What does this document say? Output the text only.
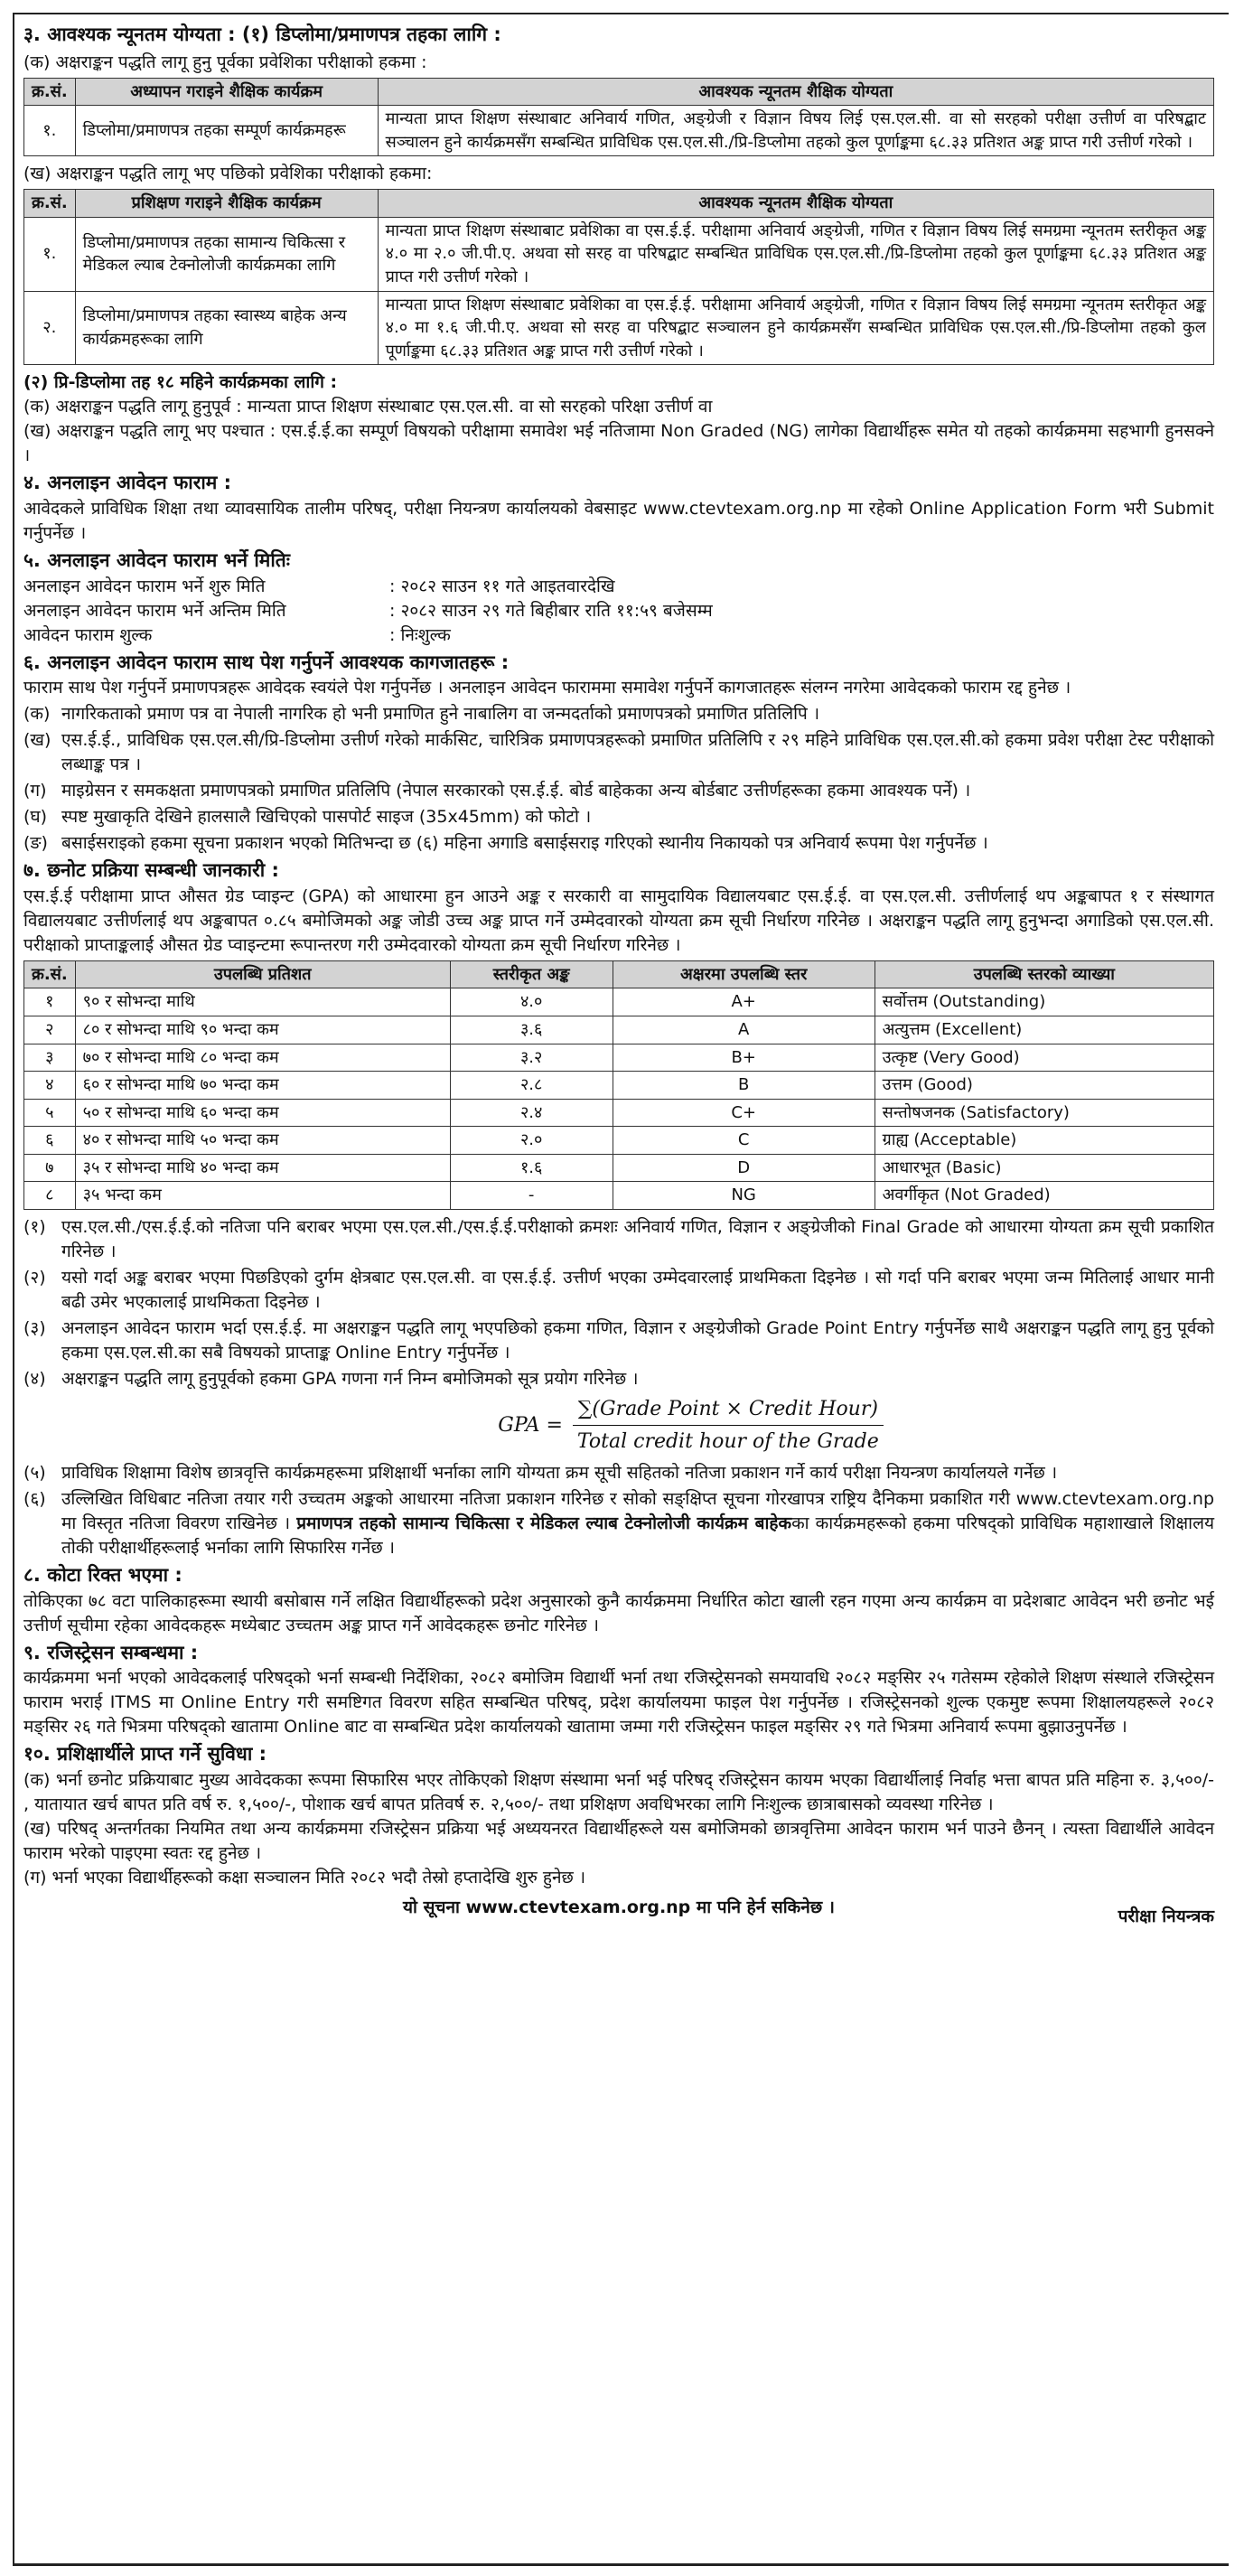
३. आवश्यक न्यूनतम योग्यता : (१) डिप्लोमा/प्रमाणपत्र तहका लागि :
(क) अक्षराङ्कन पद्धति लागू हुनु पूर्वका प्रवेशिका परीक्षाको हकमा :
क्र.सं.	अध्यापन गराइने शैक्षिक कार्यक्रम	आवश्यक न्यूनतम शैक्षिक योग्यता
१.	डिप्लोमा/प्रमाणपत्र तहका सम्पूर्ण कार्यक्रमहरू	मान्यता प्राप्त शिक्षण संस्थाबाट अनिवार्य गणित, अङ्ग्रेजी र विज्ञान विषय लिई एस.एल.सी. वा सो सरहको परीक्षा उत्तीर्ण वा परिषद्बाट सञ्चालन हुने कार्यक्रमसँग सम्बन्धित प्राविधिक एस.एल.सी./प्रि-डिप्लोमा तहको कुल पूर्णाङ्कमा ६८.३३ प्रतिशत अङ्क प्राप्त गरी उत्तीर्ण गरेको ।
(ख) अक्षराङ्कन पद्धति लागू भए पछिको प्रवेशिका परीक्षाको हकमा:
क्र.सं.	प्रशिक्षण गराइने शैक्षिक कार्यक्रम	आवश्यक न्यूनतम शैक्षिक योग्यता
१.	डिप्लोमा/प्रमाणपत्र तहका सामान्य चिकित्सा र मेडिकल ल्याब टेक्नोलोजी कार्यक्रमका लागि	मान्यता प्राप्त शिक्षण संस्थाबाट प्रवेशिका वा एस.ई.ई. परीक्षामा अनिवार्य अङ्ग्रेजी, गणित र विज्ञान विषय लिई समग्रमा न्यूनतम स्तरीकृत अङ्क ४.० मा २.० जी.पी.ए. अथवा सो सरह वा परिषद्बाट सम्बन्धित प्राविधिक एस.एल.सी./प्रि-डिप्लोमा तहको कुल पूर्णाङ्कमा ६८.३३ प्रतिशत अङ्क प्राप्त गरी उत्तीर्ण गरेको ।
२.	डिप्लोमा/प्रमाणपत्र तहका स्वास्थ्य बाहेक अन्य कार्यक्रमहरूका लागि	मान्यता प्राप्त शिक्षण संस्थाबाट प्रवेशिका वा एस.ई.ई. परीक्षामा अनिवार्य अङ्ग्रेजी, गणित र विज्ञान विषय लिई समग्रमा न्यूनतम स्तरीकृत अङ्क ४.० मा १.६ जी.पी.ए. अथवा सो सरह वा परिषद्बाट सञ्चालन हुने कार्यक्रमसँग सम्बन्धित प्राविधिक एस.एल.सी./प्रि-डिप्लोमा तहको कुल पूर्णाङ्कमा ६८.३३ प्रतिशत अङ्क प्राप्त गरी उत्तीर्ण गरेको ।
(२) प्रि-डिप्लोमा तह १८ महिने कार्यक्रमका लागि :

(क) अक्षराङ्कन पद्धति लागू हुनुपूर्व : मान्यता प्राप्त शिक्षण संस्थाबाट एस.एल.सी. वा सो सरहको परिक्षा उत्तीर्ण वा

(ख) अक्षराङ्कन पद्धति लागू भए पश्चात : एस.ई.ई.का सम्पूर्ण विषयको परीक्षामा समावेश भई नतिजामा Non Graded (NG) लागेका विद्यार्थीहरू समेत यो तहको कार्यक्रममा सहभागी हुनसक्ने ।

४. अनलाइन आवेदन फाराम :

आवेदकले प्राविधिक शिक्षा तथा व्यावसायिक तालीम परिषद्, परीक्षा नियन्त्रण कार्यालयको वेबसाइट www.ctevtexam.org.np मा रहेको Online Application Form भरी Submit गर्नुपर्नेछ ।

५. अनलाइन आवेदन फाराम भर्ने मितिः
अनलाइन आवेदन फाराम भर्ने शुरु मिति	: २०८२ साउन ११ गते आइतवारदेखि
अनलाइन आवेदन फाराम भर्ने अन्तिम मिति	: २०८२ साउन २९ गते बिहीबार राति ११:५९ बजेसम्म
आवेदन फाराम शुल्क	: निःशुल्क
६. अनलाइन आवेदन फाराम साथ पेश गर्नुपर्ने आवश्यक कागजातहरू :

फाराम साथ पेश गर्नुपर्ने प्रमाणपत्रहरू आवेदक स्वयंले पेश गर्नुपर्नेछ । अनलाइन आवेदन फाराममा समावेश गर्नुपर्ने कागजातहरू संलग्न नगरेमा आवेदकको फाराम रद्द हुनेछ ।

(क) नागरिकताको प्रमाण पत्र वा नेपाली नागरिक हो भनी प्रमाणित हुने नाबालिग वा जन्मदर्ताको प्रमाणपत्रको प्रमाणित प्रतिलिपि ।
(ख) एस.ई.ई., प्राविधिक एस.एल.सी/प्रि-डिप्लोमा उत्तीर्ण गरेको मार्कसिट, चारित्रिक प्रमाणपत्रहरूको प्रमाणित प्रतिलिपि र २९ महिने प्राविधिक एस.एल.सी.को हकमा प्रवेश परीक्षा टेस्ट परीक्षाको लब्धाङ्क पत्र ।
(ग) माइग्रेसन र समकक्षता प्रमाणपत्रको प्रमाणित प्रतिलिपि (नेपाल सरकारको एस.ई.ई. बोर्ड बाहेकका अन्य बोर्डबाट उत्तीर्णहरूका हकमा आवश्यक पर्ने) ।
(घ) स्पष्ट मुखाकृति देखिने हालसालै खिचिएको पासपोर्ट साइज (35x45mm) को फोटो ।
(ङ) बसाईसराइको हकमा सूचना प्रकाशन भएको मितिभन्दा छ (६) महिना अगाडि बसाईसराइ गरिएको स्थानीय निकायको पत्र अनिवार्य रूपमा पेश गर्नुपर्नेछ ।
७. छनोट प्रक्रिया सम्बन्धी जानकारी :

एस.ई.ई परीक्षामा प्राप्त औसत ग्रेड प्वाइन्ट (GPA) को आधारमा हुन आउने अङ्क र सरकारी वा सामुदायिक विद्यालयबाट एस.ई.ई. वा एस.एल.सी. उत्तीर्णलाई थप अङ्कबापत १ र संस्थागत विद्यालयबाट उत्तीर्णलाई थप अङ्कबापत ०.८५ बमोजिमको अङ्क जोडी उच्च अङ्क प्राप्त गर्ने उम्मेदवारको योग्यता क्रम सूची निर्धारण गरिनेछ । अक्षराङ्कन पद्धति लागू हुनुभन्दा अगाडिको एस.एल.सी. परीक्षाको प्राप्ताङ्कलाई औसत ग्रेड प्वाइन्टमा रूपान्तरण गरी उम्मेदवारको योग्यता क्रम सूची निर्धारण गरिनेछ ।

क्र.सं.	उपलब्धि प्रतिशत	स्तरीकृत अङ्क	अक्षरमा उपलब्धि स्तर	उपलब्धि स्तरको व्याख्या
१	९० र सोभन्दा माथि	४.०	A+	सर्वोत्तम (Outstanding)
२	८० र सोभन्दा माथि ९० भन्दा कम	३.६	A	अत्युत्तम (Excellent)
३	७० र सोभन्दा माथि ८० भन्दा कम	३.२	B+	उत्कृष्ट (Very Good)
४	६० र सोभन्दा माथि ७० भन्दा कम	२.८	B	उत्तम (Good)
५	५० र सोभन्दा माथि ६० भन्दा कम	२.४	C+	सन्तोषजनक (Satisfactory)
६	४० र सोभन्दा माथि ५० भन्दा कम	२.०	C	ग्राह्य (Acceptable)
७	३५ र सोभन्दा माथि ४० भन्दा कम	१.६	D	आधारभूत (Basic)
८	३५ भन्दा कम	-	NG	अवर्गीकृत (Not Graded)
(१) एस.एल.सी./एस.ई.ई.को नतिजा पनि बराबर भएमा एस.एल.सी./एस.ई.ई.परीक्षाको क्रमशः अनिवार्य गणित, विज्ञान र अङ्ग्रेजीको Final Grade को आधारमा योग्यता क्रम सूची प्रकाशित गरिनेछ ।
(२) यसो गर्दा अङ्क बराबर भएमा पिछडिएको दुर्गम क्षेत्रबाट एस.एल.सी. वा एस.ई.ई. उत्तीर्ण भएका उम्मेदवारलाई प्राथमिकता दिइनेछ । सो गर्दा पनि बराबर भएमा जन्म मितिलाई आधार मानी बढी उमेर भएकालाई प्राथमिकता दिइनेछ ।
(३) अनलाइन आवेदन फाराम भर्दा एस.ई.ई. मा अक्षराङ्कन पद्धति लागू भएपछिको हकमा गणित, विज्ञान र अङ्ग्रेजीको Grade Point Entry गर्नुपर्नेछ साथै अक्षराङ्कन पद्धति लागू हुनु पूर्वको हकमा एस.एल.सी.का सबै विषयको प्राप्ताङ्क Online Entry गर्नुपर्नेछ ।
(४) अक्षराङ्कन पद्धति लागू हुनुपूर्वको हकमा GPA गणना गर्न निम्न बमोजिमको सूत्र प्रयोग गरिनेछ ।
GPA = $\frac{\text{∑(Grade Point × Credit Hour)}}{\text{Total credit hour of the Grade}}$
(५) प्राविधिक शिक्षामा विशेष छात्रवृत्ति कार्यक्रमहरूमा प्रशिक्षार्थी भर्नाका लागि योग्यता क्रम सूची सहितको नतिजा प्रकाशन गर्ने कार्य परीक्षा नियन्त्रण कार्यालयले गर्नेछ ।
(६) उल्लिखित विधिबाट नतिजा तयार गरी उच्चतम अङ्कको आधारमा नतिजा प्रकाशन गरिनेछ र सोको सङ्क्षिप्त सूचना गोरखापत्र राष्ट्रिय दैनिकमा प्रकाशित गरी www.ctevtexam.org.np मा विस्तृत नतिजा विवरण राखिनेछ । प्रमाणपत्र तहको सामान्य चिकित्सा र मेडिकल ल्याब टेक्नोलोजी कार्यक्रम बाहेकका कार्यक्रमहरूको हकमा परिषद्को प्राविधिक महाशाखाले शिक्षालय तोकी परीक्षार्थीहरूलाई भर्नाका लागि सिफारिस गर्नेछ ।
८. कोटा रिक्त भएमा :

तोकिएका ७८ वटा पालिकाहरूमा स्थायी बसोबास गर्ने लक्षित विद्यार्थीहरूको प्रदेश अनुसारको कुनै कार्यक्रममा निर्धारित कोटा खाली रहन गएमा अन्य कार्यक्रम वा प्रदेशबाट आवेदन भरी छनोट भई उत्तीर्ण सूचीमा रहेका आवेदकहरू मध्येबाट उच्चतम अङ्क प्राप्त गर्ने आवेदकहरू छनोट गरिनेछ ।

९. रजिस्ट्रेसन सम्बन्धमा :

कार्यक्रममा भर्ना भएको आवेदकलाई परिषद्को भर्ना सम्बन्धी निर्देशिका, २०८२ बमोजिम विद्यार्थी भर्ना तथा रजिस्ट्रेसनको समयावधि २०८२ मङ्सिर २५ गतेसम्म रहेकोले शिक्षण संस्थाले रजिस्ट्रेसन फाराम भराई ITMS मा Online Entry गरी समष्टिगत विवरण सहित सम्बन्धित परिषद्, प्रदेश कार्यालयमा फाइल पेश गर्नुपर्नेछ । रजिस्ट्रेसनको शुल्क एकमुष्ट रूपमा शिक्षालयहरूले २०८२ मङ्सिर २६ गते भित्रमा परिषद्को खातामा Online बाट वा सम्बन्धित प्रदेश कार्यालयको खातामा जम्मा गरी रजिस्ट्रेसन फाइल मङ्सिर २९ गते भित्रमा अनिवार्य रूपमा बुझाउनुपर्नेछ ।

१०. प्रशिक्षार्थीले प्राप्त गर्ने सुविधा :

(क) भर्ना छनोट प्रक्रियाबाट मुख्य आवेदकका रूपमा सिफारिस भएर तोकिएको शिक्षण संस्थामा भर्ना भई परिषद् रजिस्ट्रेसन कायम भएका विद्यार्थीलाई निर्वाह भत्ता बापत प्रति महिना रु. ३,५००/- , यातायात खर्च बापत प्रति वर्ष रु. १,५००/-, पोशाक खर्च बापत प्रतिवर्ष रु. २,५००/- तथा प्रशिक्षण अवधिभरका लागि निःशुल्क छात्राबासको व्यवस्था गरिनेछ ।

(ख) परिषद् अन्तर्गतका नियमित तथा अन्य कार्यक्रममा रजिस्ट्रेसन प्रक्रिया भई अध्ययनरत विद्यार्थीहरूले यस बमोजिमको छात्रवृत्तिमा आवेदन फाराम भर्न पाउने छैनन् । त्यस्ता विद्यार्थीले आवेदन फाराम भरेको पाइएमा स्वतः रद्द हुनेछ ।

(ग) भर्ना भएका विद्यार्थीहरूको कक्षा सञ्चालन मिति २०८२ भदौ तेस्रो हप्तादेखि शुरु हुनेछ ।

यो सूचना www.ctevtexam.org.np मा पनि हेर्न सकिनेछ ।	परीक्षा नियन्त्रक
